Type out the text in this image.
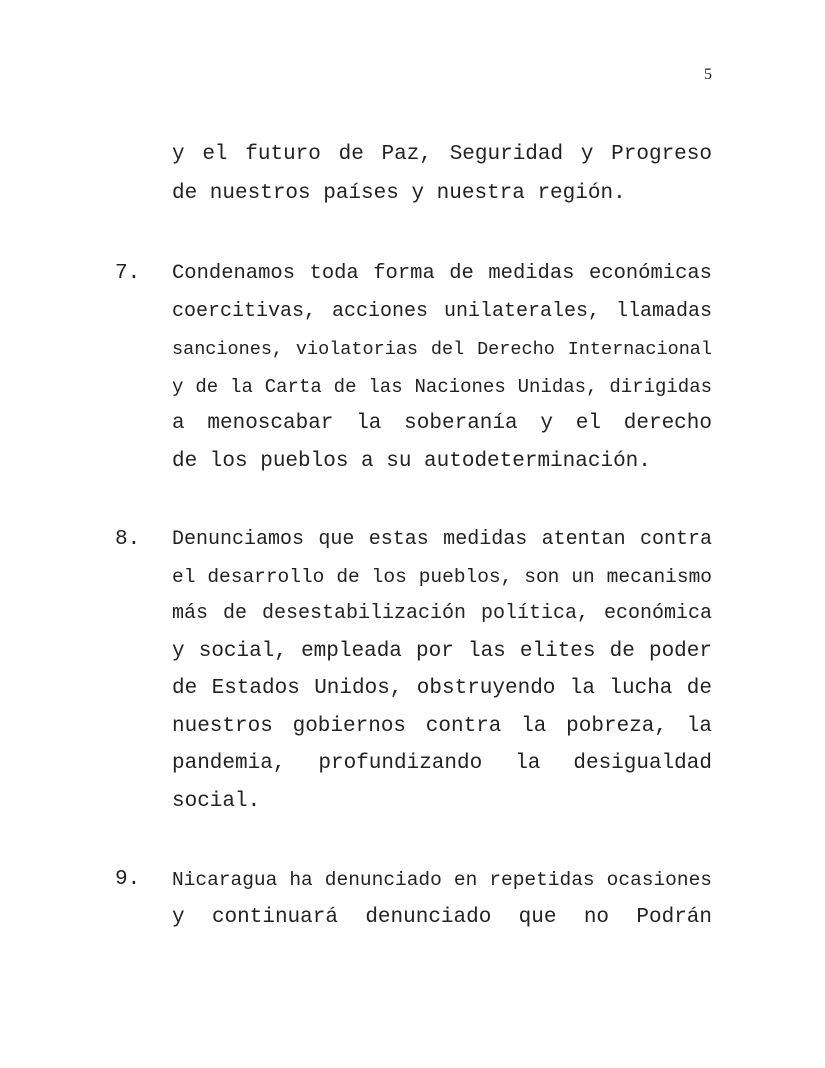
5
y el futuro de Paz, Seguridad y Progreso
de nuestros países y nuestra región.
7. Condenamos toda forma de medidas económicas
coercitivas, acciones unilaterales, llamadas
sanciones, violatorias del Derecho Internacional
y de la Carta de las Naciones Unidas, dirigidas
a menoscabar la soberanía y el derecho
de los pueblos a su autodeterminación.
8. Denunciamos que estas medidas atentan contra
el desarrollo de los pueblos, son un mecanismo
más de desestabilización política, económica
y social, empleada por las elites de poder
de Estados Unidos, obstruyendo la lucha de
nuestros gobiernos contra la pobreza, la
pandemia, profundizando la desigualdad
social.
9. Nicaragua ha denunciado en repetidas ocasiones
y continuará denunciado que no Podrán
